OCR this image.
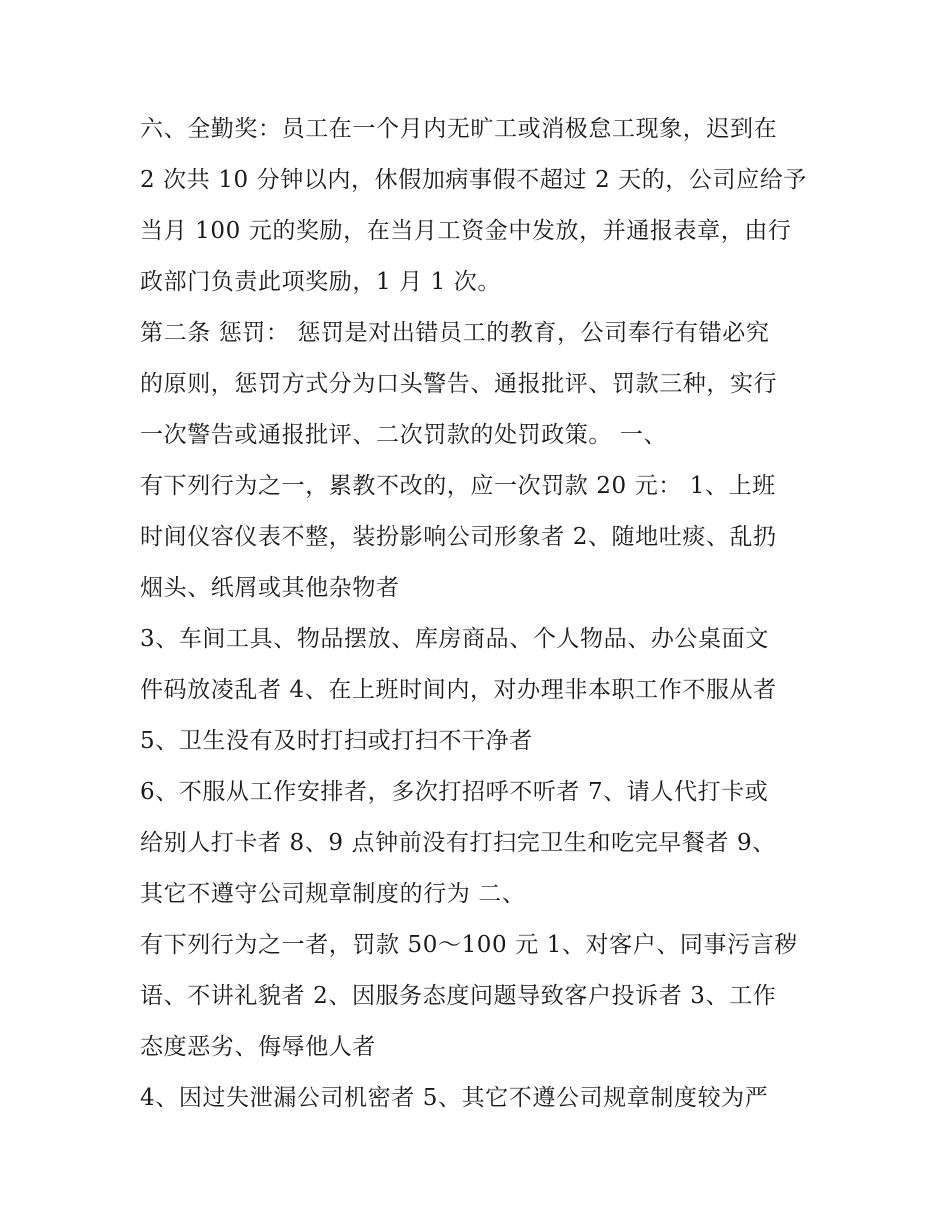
六、全勤奖：员工在一个月内无旷工或消极怠工现象，迟到在
2 次共 10 分钟以内，休假加病事假不超过 2 天的，公司应给予
当月 100 元的奖励，在当月工资金中发放，并通报表章，由行
政部门负责此项奖励，1 月 1 次。
第二条 惩罚： 惩罚是对出错员工的教育，公司奉行有错必究
的原则，惩罚方式分为口头警告、通报批评、罚款三种，实行
一次警告或通报批评、二次罚款的处罚政策。 一、
有下列行为之一，累教不改的，应一次罚款 20 元： 1、上班
时间仪容仪表不整，装扮影响公司形象者 2、随地吐痰、乱扔
烟头、纸屑或其他杂物者
3、车间工具、物品摆放、库房商品、个人物品、办公桌面文
件码放凌乱者 4、在上班时间内，对办理非本职工作不服从者
5、卫生没有及时打扫或打扫不干净者
6、不服从工作安排者，多次打招呼不听者 7、请人代打卡或
给别人打卡者 8、9 点钟前没有打扫完卫生和吃完早餐者 9、
其它不遵守公司规章制度的行为 二、
有下列行为之一者，罚款 50～100 元 1、对客户、同事污言秽
语、不讲礼貌者 2、因服务态度问题导致客户投诉者 3、工作
态度恶劣、侮辱他人者
4、因过失泄漏公司机密者 5、其它不遵公司规章制度较为严
